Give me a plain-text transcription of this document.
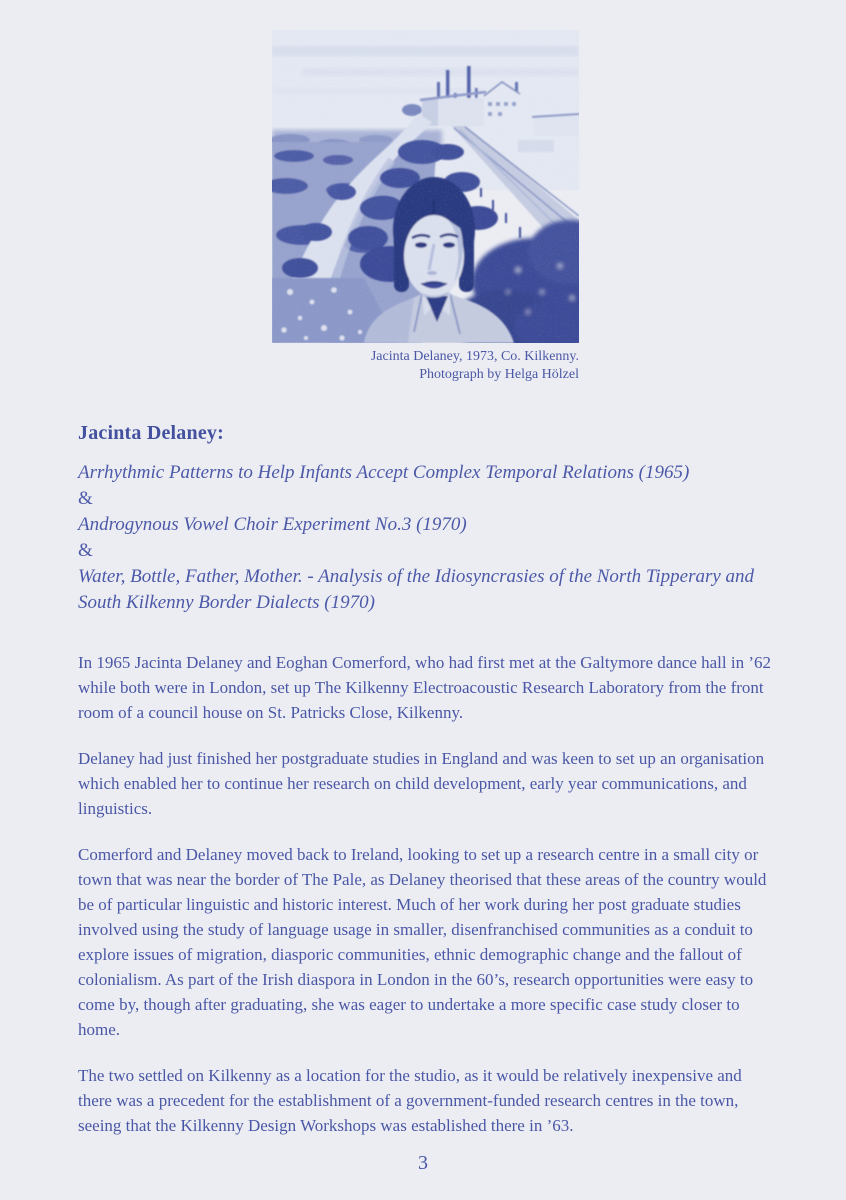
Jacinta Delaney, 1973, Co. Kilkenny.
Photograph by Helga Hölzel
Jacinta Delaney:
Arrhythmic Patterns to Help Infants Accept Complex Temporal Relations (1965)
&
Androgynous Vowel Choir Experiment No.3 (1970)
&
Water, Bottle, Father, Mother. - Analysis of the Idiosyncrasies of the North Tipperary and South Kilkenny Border Dialects (1970)

In 1965 Jacinta Delaney and Eoghan Comerford, who had first met at the Galtymore dance hall in ’62 while both were in London, set up The Kilkenny Electroacoustic Research Laboratory from the front room of a council house on St. Patricks Close, Kilkenny.

Delaney had just finished her postgraduate studies in England and was keen to set up an organisation which enabled her to continue her research on child development, early year communications, and linguistics.

Comerford and Delaney moved back to Ireland, looking to set up a research centre in a small city or town that was near the border of The Pale, as Delaney theorised that these areas of the country would be of particular linguistic and historic interest. Much of her work during her post graduate studies involved using the study of language usage in smaller, disenfranchised communities as a conduit to explore issues of migration, diasporic communities, ethnic demographic change and the fallout of colonialism. As part of the Irish diaspora in London in the 60’s, research opportunities were easy to come by, though after graduating, she was eager to undertake a more specific case study closer to home.

The two settled on Kilkenny as a location for the studio, as it would be relatively inexpensive and there was a precedent for the establishment of a government-funded research centres in the town, seeing that the Kilkenny Design Workshops was established there in ’63.

3
